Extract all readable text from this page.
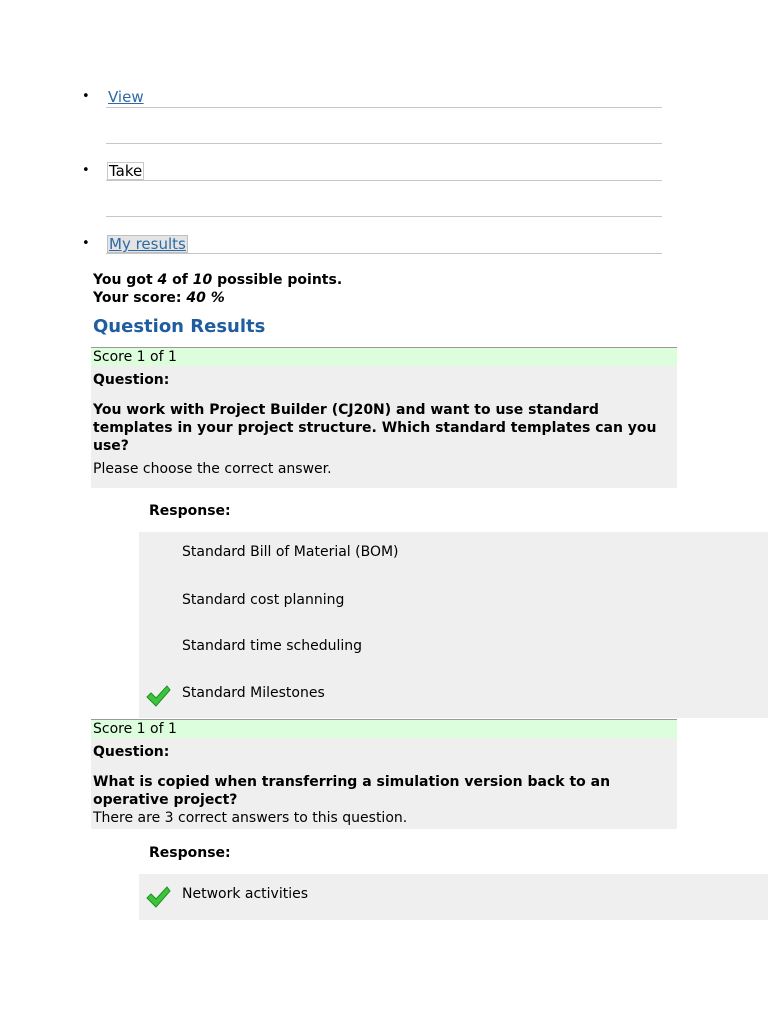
• View
• Take
• My results
You got 4 of 10 possible points.
Your score: 40 %
Question Results
Score 1 of 1
Question:
You work with Project Builder (CJ20N) and want to use standard templates in your project structure. Which standard templates can you use?
Please choose the correct answer.
Response:
Standard Bill of Material (BOM)
Standard cost planning
Standard time scheduling
Standard Milestones
Score 1 of 1
Question:
What is copied when transferring a simulation version back to an operative project?
There are 3 correct answers to this question.
Response:
Network activities
